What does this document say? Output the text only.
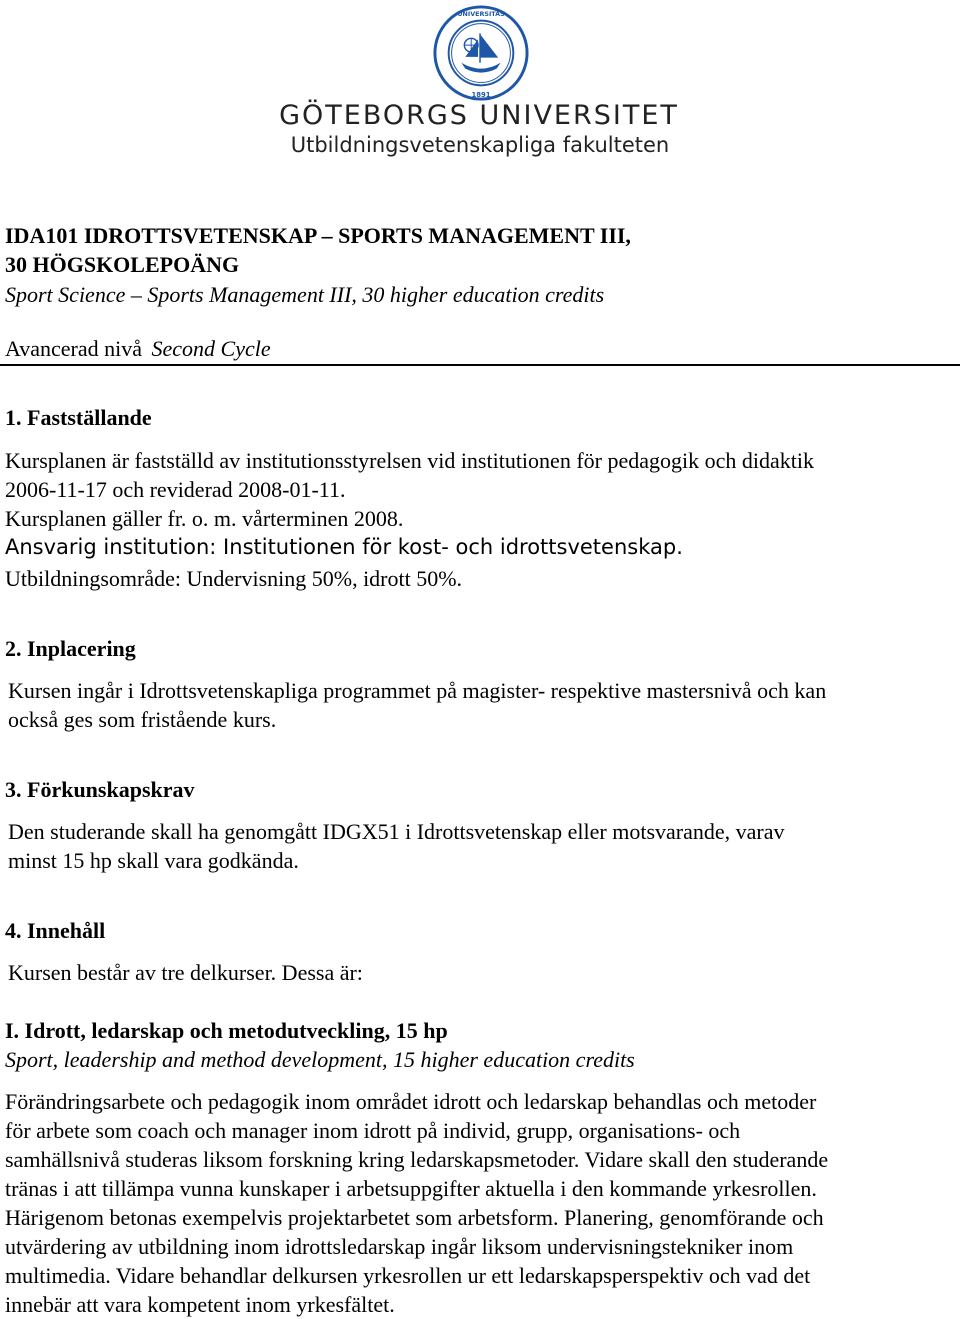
UNIVERSITAS
1891
GÖTEBORGS UNIVERSITET
Utbildningsvetenskapliga fakulteten
IDA101 IDROTTSVETENSKAP – SPORTS MANAGEMENT III,
30 HÖGSKOLEPOÄNG
Sport Science – Sports Management III, 30 higher education credits
Avancerad nivå Second Cycle
1. Fastställande
Kursplanen är fastställd av institutionsstyrelsen vid institutionen för pedagogik och didaktik
2006-11-17 och reviderad 2008-01-11.
Kursplanen gäller fr. o. m. vårterminen 2008.
Ansvarig institution: Institutionen för kost- och idrottsvetenskap.
Utbildningsområde: Undervisning 50%, idrott 50%.
2. Inplacering
Kursen ingår i Idrottsvetenskapliga programmet på magister- respektive mastersnivå och kan
också ges som fristående kurs.
3. Förkunskapskrav
Den studerande skall ha genomgått IDGX51 i Idrottsvetenskap eller motsvarande, varav
minst 15 hp skall vara godkända.
4. Innehåll
Kursen består av tre delkurser. Dessa är:
I. Idrott, ledarskap och metodutveckling, 15 hp
Sport, leadership and method development, 15 higher education credits
Förändringsarbete och pedagogik inom området idrott och ledarskap behandlas och metoder
för arbete som coach och manager inom idrott på individ, grupp, organisations- och
samhällsnivå studeras liksom forskning kring ledarskapsmetoder. Vidare skall den studerande
tränas i att tillämpa vunna kunskaper i arbetsuppgifter aktuella i den kommande yrkesrollen.
Härigenom betonas exempelvis projektarbetet som arbetsform. Planering, genomförande och
utvärdering av utbildning inom idrottsledarskap ingår liksom undervisningstekniker inom
multimedia. Vidare behandlar delkursen yrkesrollen ur ett ledarskapsperspektiv och vad det
innebär att vara kompetent inom yrkesfältet.
